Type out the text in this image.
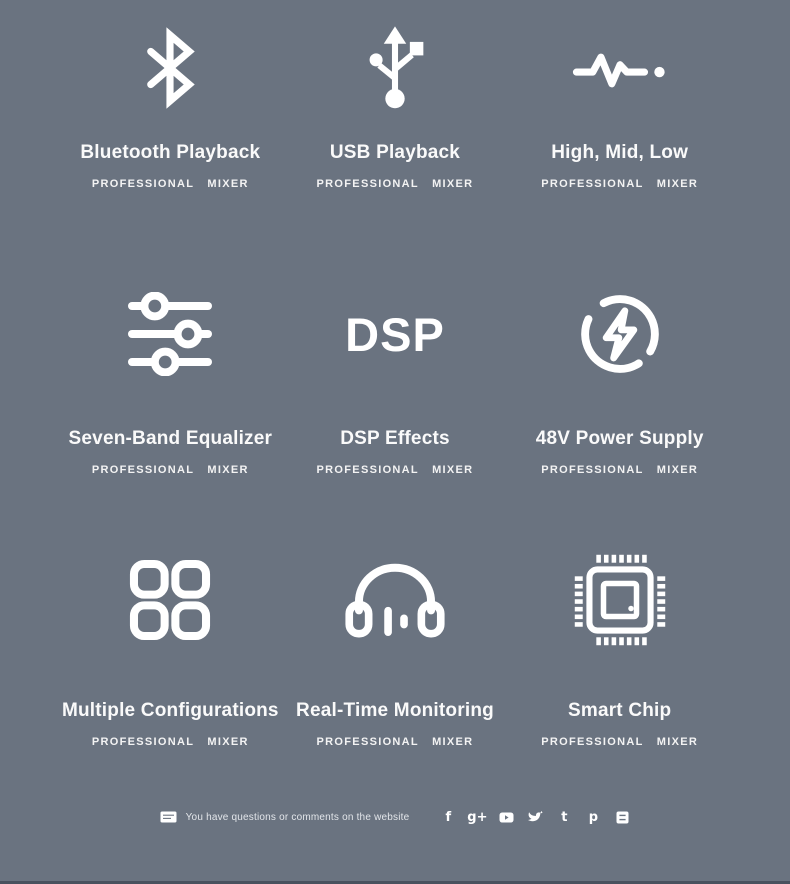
Bluetooth Playback
PROFESSIONAL MIXER
USB Playback
PROFESSIONAL MIXER
High, Mid, Low
PROFESSIONAL MIXER
Seven-Band Equalizer
PROFESSIONAL MIXER
DSP
DSP Effects
PROFESSIONAL MIXER
48V Power Supply
PROFESSIONAL MIXER
Multiple Configurations
PROFESSIONAL MIXER
Real-Time Monitoring
PROFESSIONAL MIXER
Smart Chip
PROFESSIONAL MIXER
You have questions or comments on the website	f g+	t p
